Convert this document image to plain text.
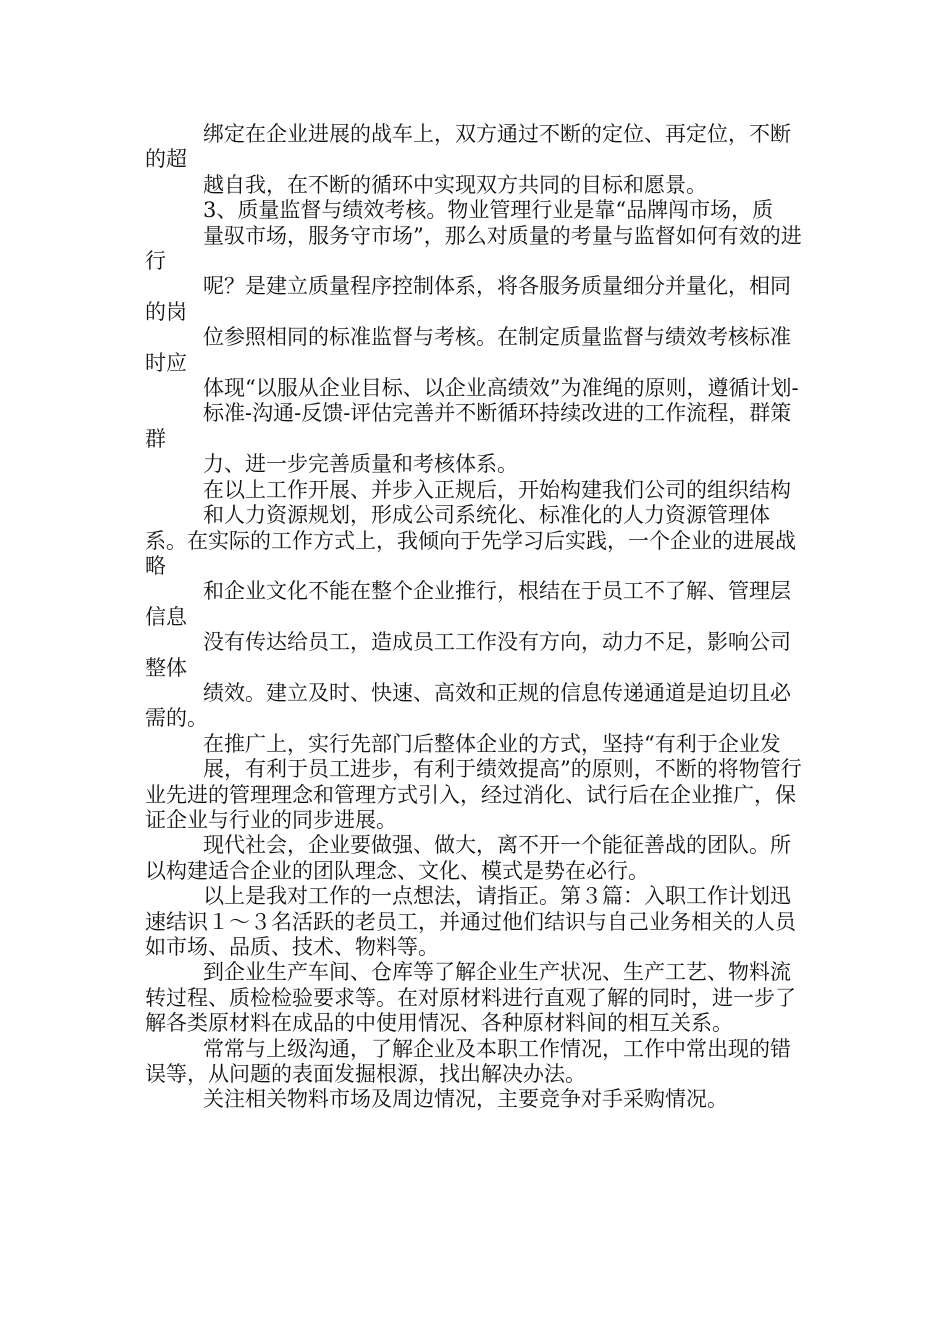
绑定在企业进展的战车上，双方通过不断的定位、再定位，不断的超

越自我，在不断的循环中实现双方共同的目标和愿景。

3、质量监督与绩效考核。物业管理行业是靠“品牌闯市场，质

量驭市场，服务守市场”，那么对质量的考量与监督如何有效的进行

呢？是建立质量程序控制体系，将各服务质量细分并量化，相同的岗

位参照相同的标准监督与考核。在制定质量监督与绩效考核标准时应

体现“以服从企业目标、以企业高绩效”为准绳的原则，遵循计划-

标准-沟通-反馈-评估完善并不断循环持续改进的工作流程，群策群

力、进一步完善质量和考核体系。

在以上工作开展、并步入正规后，开始构建我们公司的组织结构

和人力资源规划，形成公司系统化、标准化的人力资源管理体系。在实际的工作方式上，我倾向于先学习后实践，一个企业的进展战略

和企业文化不能在整个企业推行，根结在于员工不了解、管理层信息

没有传达给员工，造成员工工作没有方向，动力不足，影响公司整体

绩效。建立及时、快速、高效和正规的信息传递通道是迫切且必需的。

在推广上，实行先部门后整体企业的方式，坚持“有利于企业发

展，有利于员工进步，有利于绩效提高”的原则，不断的将物管行业先进的管理理念和管理方式引入，经过消化、试行后在企业推广，保证企业与行业的同步进展。

现代社会，企业要做强、做大，离不开一个能征善战的团队。所以构建适合企业的团队理念、文化、模式是势在必行。

以上是我对工作的一点想法，请指正。第３篇：入职工作计划迅速结识１～３名活跃的老员工，并通过他们结识与自己业务相关的人员如市场、品质、技术、物料等。

到企业生产车间、仓库等了解企业生产状况、生产工艺、物料流转过程、质检检验要求等。在对原材料进行直观了解的同时，进一步了解各类原材料在成品的中使用情况、各种原材料间的相互关系。

常常与上级沟通，了解企业及本职工作情况，工作中常出现的错误等，从问题的表面发掘根源，找出解决办法。

关注相关物料市场及周边情况，主要竞争对手采购情况。
